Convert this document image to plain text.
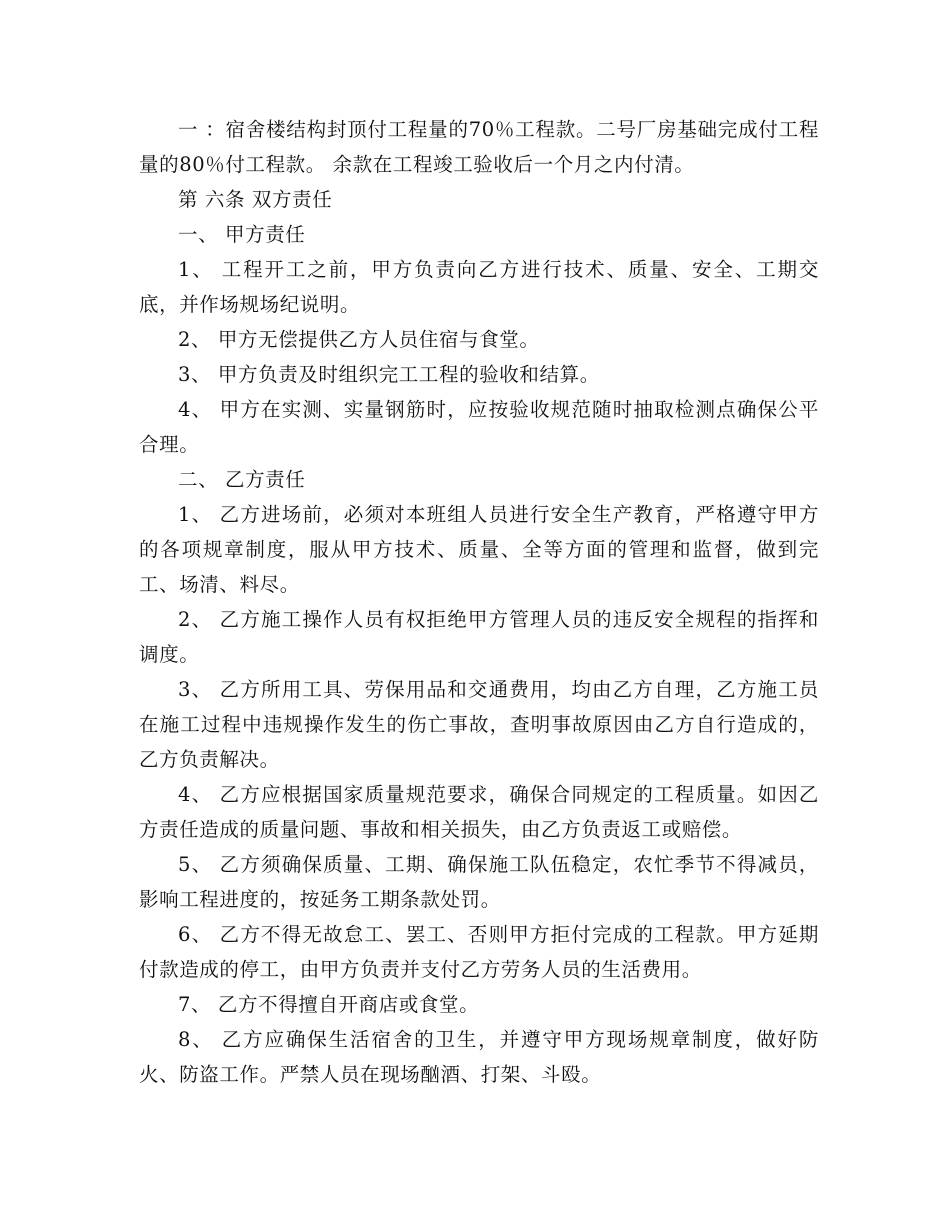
一 ：宿舍楼结构封顶付工程量的70％工程款。二号厂房基础完成付工程量的80％付工程款。 余款在工程竣工验收后一个月之内付清。

第 六条 双方责任

一、 甲方责任

1、 工程开工之前，甲方负责向乙方进行技术、质量、安全、工期交底，并作场规场纪说明。

2、 甲方无偿提供乙方人员住宿与食堂。

3、 甲方负责及时组织完工工程的验收和结算。

4、 甲方在实测、实量钢筋时，应按验收规范随时抽取检测点确保公平合理。

二、 乙方责任

1、 乙方进场前，必须对本班组人员进行安全生产教育，严格遵守甲方的各项规章制度，服从甲方技术、质量、全等方面的管理和监督，做到完工、场清、料尽。

2、 乙方施工操作人员有权拒绝甲方管理人员的违反安全规程的指挥和调度。

3、 乙方所用工具、劳保用品和交通费用，均由乙方自理，乙方施工员在施工过程中违规操作发生的伤亡事故，查明事故原因由乙方自行造成的，乙方负责解决。

4、 乙方应根据国家质量规范要求，确保合同规定的工程质量。如因乙方责任造成的质量问题、事故和相关损失，由乙方负责返工或赔偿。

5、 乙方须确保质量、工期、确保施工队伍稳定，农忙季节不得减员，影响工程进度的，按延务工期条款处罚。

6、 乙方不得无故怠工、罢工、否则甲方拒付完成的工程款。甲方延期付款造成的停工，由甲方负责并支付乙方劳务人员的生活费用。

7、 乙方不得擅自开商店或食堂。

8、 乙方应确保生活宿舍的卫生，并遵守甲方现场规章制度，做好防火、防盗工作。严禁人员在现场酗酒、打架、斗殴。
